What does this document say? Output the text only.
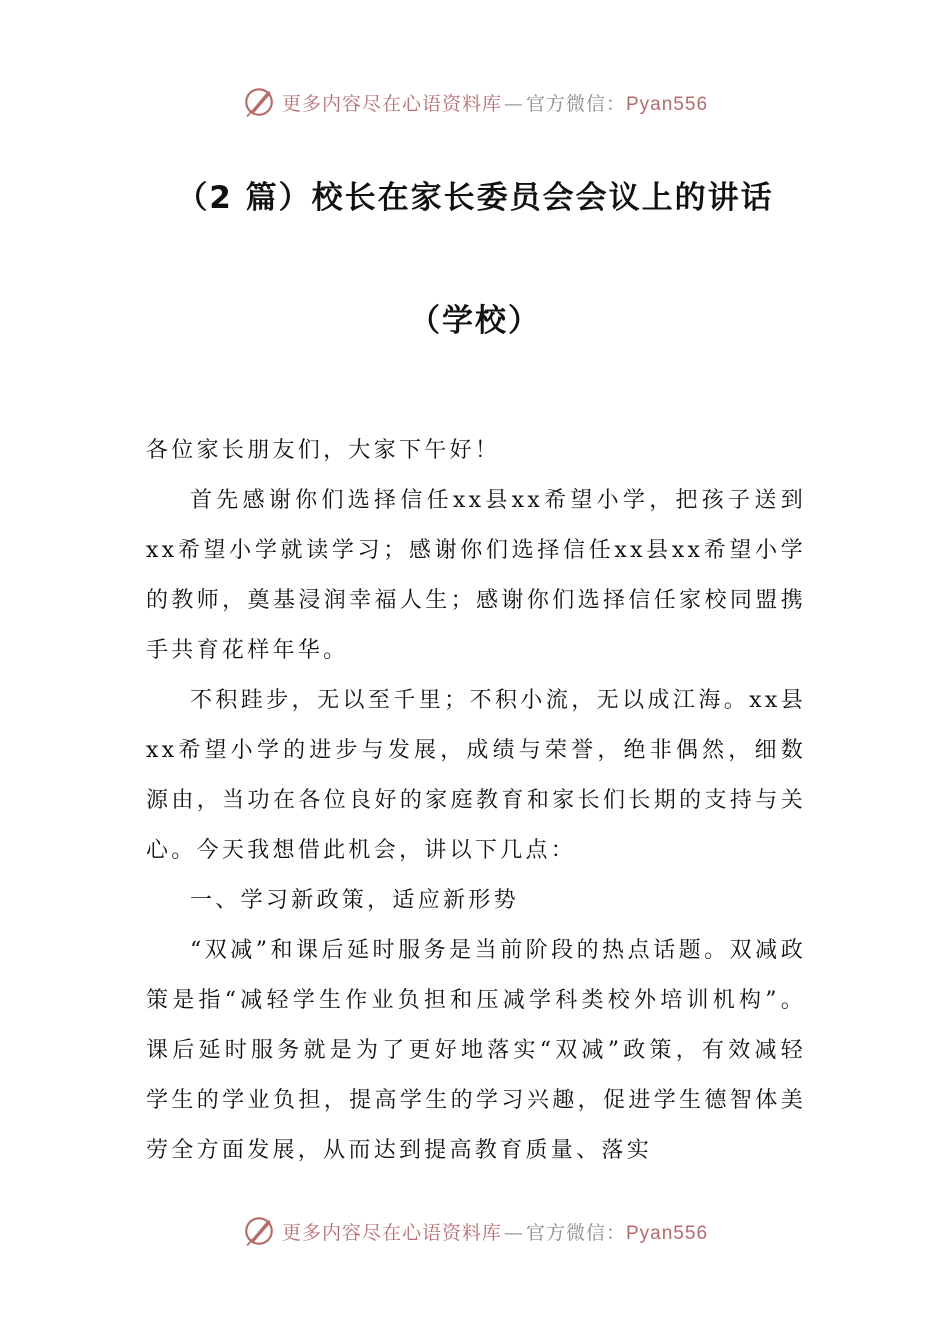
更多内容尽在心语资料库 — 官方微信：Pyan556
（2 篇）校长在家长委员会会议上的讲话
（学校）

各位家长朋友们，大家下午好！

首先感谢你们选择信任xx县xx希望小学，把孩子送到xx希望小学就读学习；感谢你们选择信任xx县xx希望小学的教师，奠基浸润幸福人生；感谢你们选择信任家校同盟携手共育花样年华。

不积跬步，无以至千里；不积小流，无以成江海。xx县xx希望小学的进步与发展，成绩与荣誉，绝非偶然，细数源由，当功在各位良好的家庭教育和家长们长期的支持与关心。今天我想借此机会，讲以下几点：

一、学习新政策，适应新形势

“双减”和课后延时服务是当前阶段的热点话题。双减政策是指“减轻学生作业负担和压减学科类校外培训机构”。课后延时服务就是为了更好地落实“双减”政策，有效减轻学生的学业负担，提高学生的学习兴趣，促进学生德智体美劳全方面发展，从而达到提高教育质量、落实

更多内容尽在心语资料库 — 官方微信：Pyan556
